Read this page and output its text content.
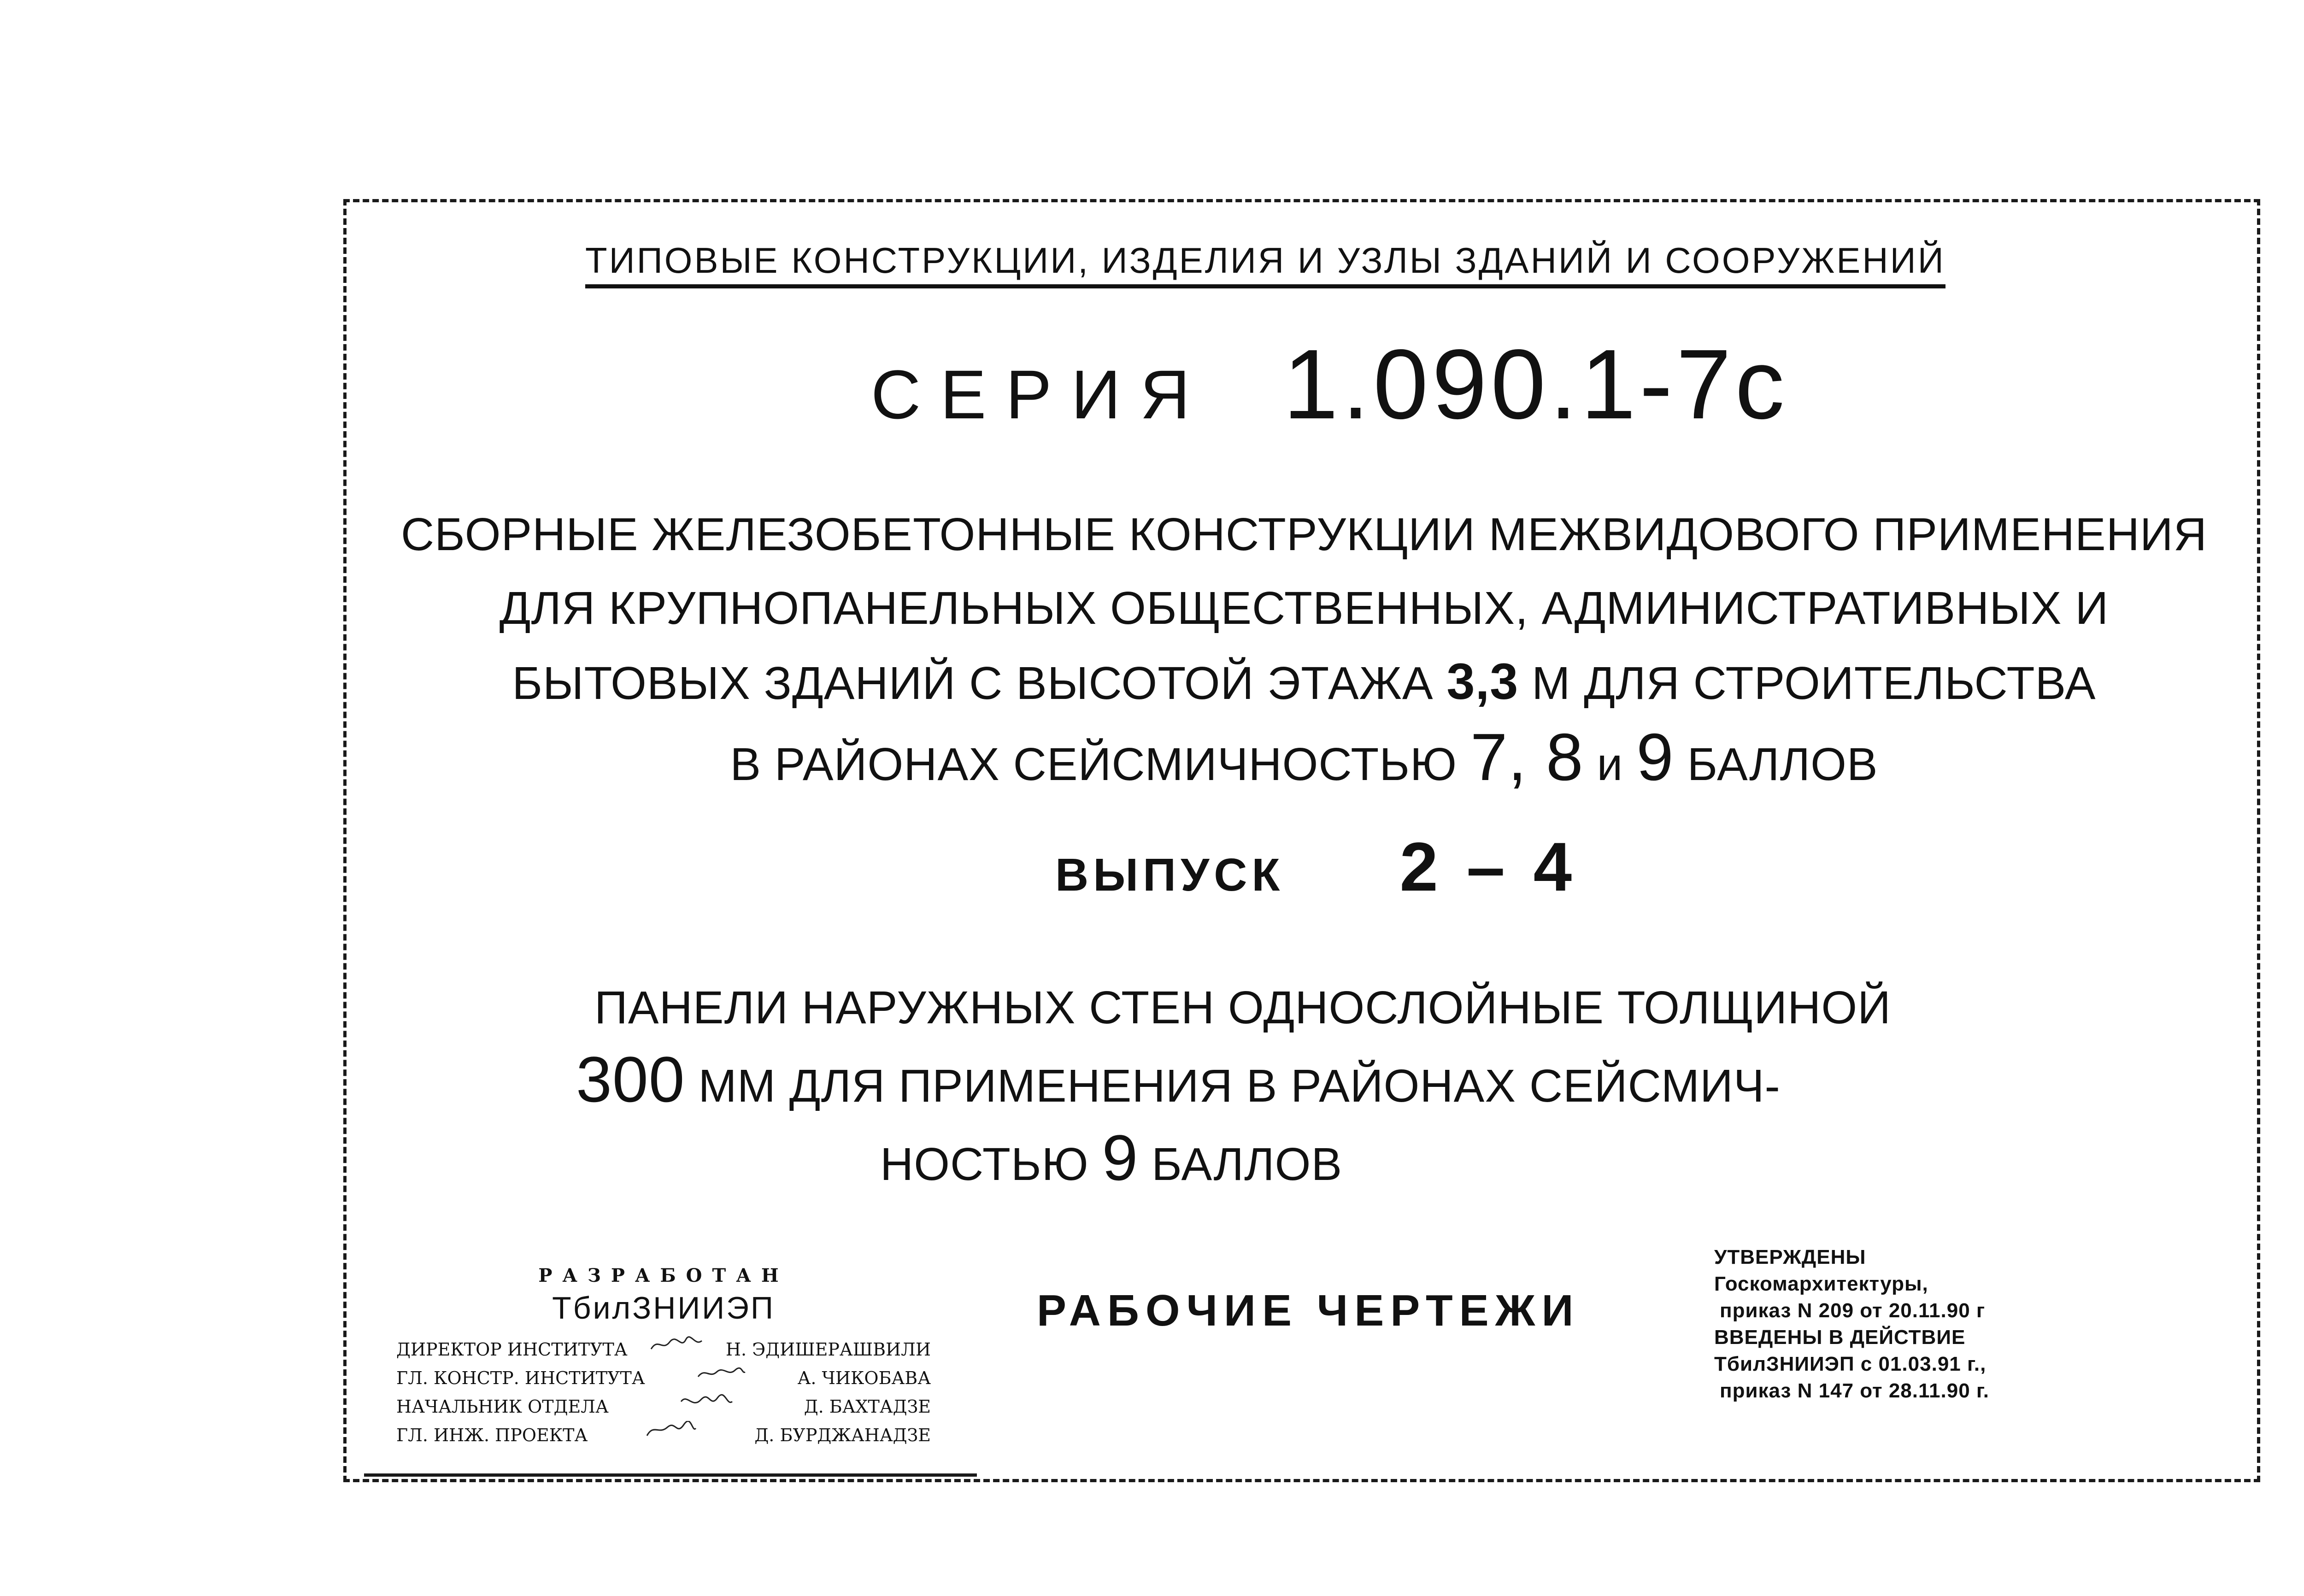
ТИПОВЫЕ КОНСТРУКЦИИ, ИЗДЕЛИЯ И УЗЛЫ ЗДАНИЙ И СООРУЖЕНИЙ
СЕРИЯ 1.090.1-7с
СБОРНЫЕ ЖЕЛЕЗОБЕТОННЫЕ КОНСТРУКЦИИ МЕЖВИДОВОГО ПРИМЕНЕНИЯ
ДЛЯ КРУПНОПАНЕЛЬНЫХ ОБЩЕСТВЕННЫХ, АДМИНИСТРАТИВНЫХ И
БЫТОВЫХ ЗДАНИЙ С ВЫСОТОЙ ЭТАЖА 3,3 М ДЛЯ СТРОИТЕЛЬСТВА
В РАЙОНАХ СЕЙСМИЧНОСТЬЮ 7, 8 и 9 БАЛЛОВ
ВЫПУСК 2 – 4
ПАНЕЛИ НАРУЖНЫХ СТЕН ОДНОСЛОЙНЫЕ ТОЛЩИНОЙ
300 ММ ДЛЯ ПРИМЕНЕНИЯ В РАЙОНАХ СЕЙСМИЧ-
НОСТЬЮ 9 БАЛЛОВ
РАЗРАБОТАН
ТбилЗНИИЭП
ДИРЕКТОР ИНСТИТУТА	Н. ЭДИШЕРАШВИЛИ
ГЛ. КОНСТР. ИНСТИТУТА	А. ЧИКОБАВА
НАЧАЛЬНИК ОТДЕЛА	Д. БАХТАДЗЕ
ГЛ. ИНЖ. ПРОЕКТА	Д. БУРДЖАНАДЗЕ
РАБОЧИЕ ЧЕРТЕЖИ
УТВЕРЖДЕНЫ
Госкомархитектуры,
приказ N 209 от 20.11.90 г
ВВЕДЕНЫ В ДЕЙСТВИЕ
ТбилЗНИИЭП с 01.03.91 г.,
приказ N 147 от 28.11.90 г.
